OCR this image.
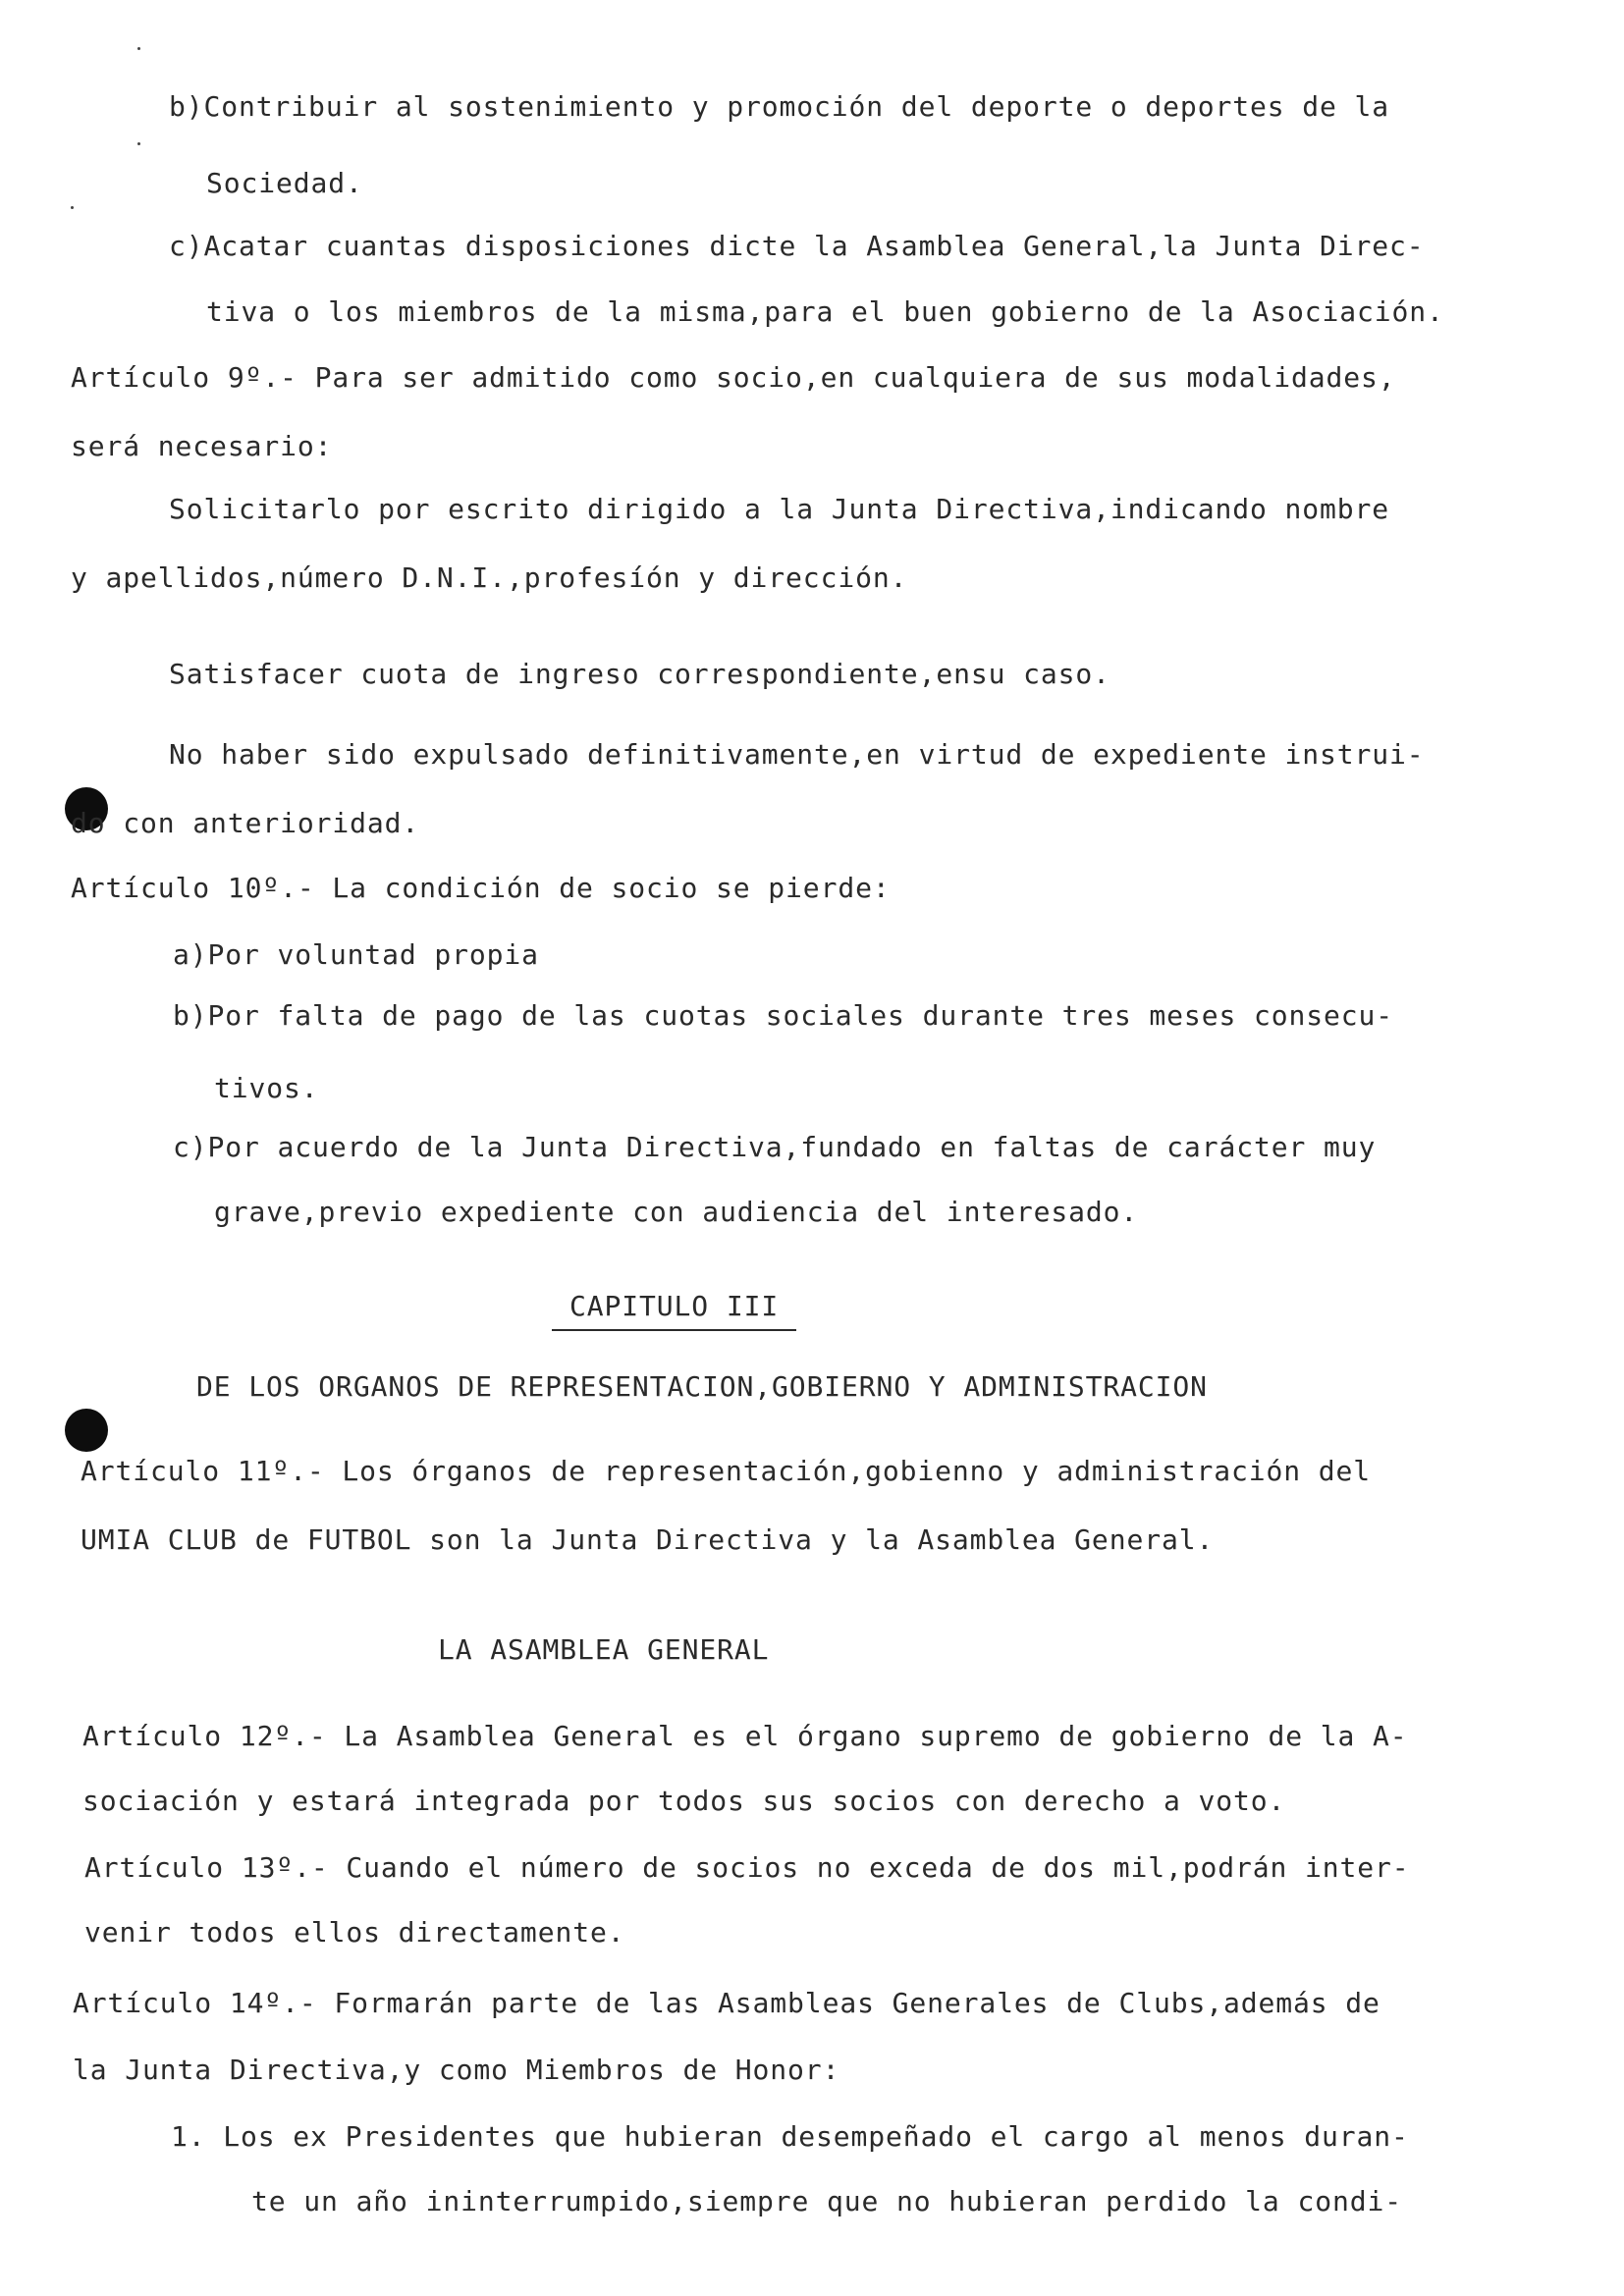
b)Contribuir al sostenimiento y promoción del deporte o deportes de la
Sociedad.
c)Acatar cuantas disposiciones dicte la Asamblea General,la Junta Direc-
tiva o los miembros de la misma,para el buen gobierno de la Asociación.
Artículo 9º.- Para ser admitido como socio,en cualquiera de sus modalidades,
será necesario:
Solicitarlo por escrito dirigido a la Junta Directiva,indicando nombre
y apellidos,número D.N.I.,profesíón y dirección.
Satisfacer cuota de ingreso correspondiente,ensu caso.
No haber sido expulsado definitivamente,en virtud de expediente instrui-
do con anterioridad.
Artículo 10º.- La condición de socio se pierde:
a)Por voluntad propia
b)Por falta de pago de las cuotas sociales durante tres meses consecu-
tivos.
c)Por acuerdo de la Junta Directiva,fundado en faltas de carácter muy
grave,previo expediente con audiencia del interesado.
CAPITULO III
DE LOS ORGANOS DE REPRESENTACION,GOBIERNO Y ADMINISTRACION
Artículo 11º.- Los órganos de representación,gobienno y administración del
UMIA CLUB de FUTBOL son la Junta Directiva y la Asamblea General.
LA ASAMBLEA GENERAL
Artículo 12º.- La Asamblea General es el órgano supremo de gobierno de la A-
sociación y estará integrada por todos sus socios con derecho a voto.
Artículo 13º.- Cuando el número de socios no exceda de dos mil,podrán inter-
venir todos ellos directamente.
Artículo 14º.- Formarán parte de las Asambleas Generales de Clubs,además de
la Junta Directiva,y como Miembros de Honor:
1. Los ex Presidentes que hubieran desempeñado el cargo al menos duran-
te un año ininterrumpido,siempre que no hubieran perdido la condi-
